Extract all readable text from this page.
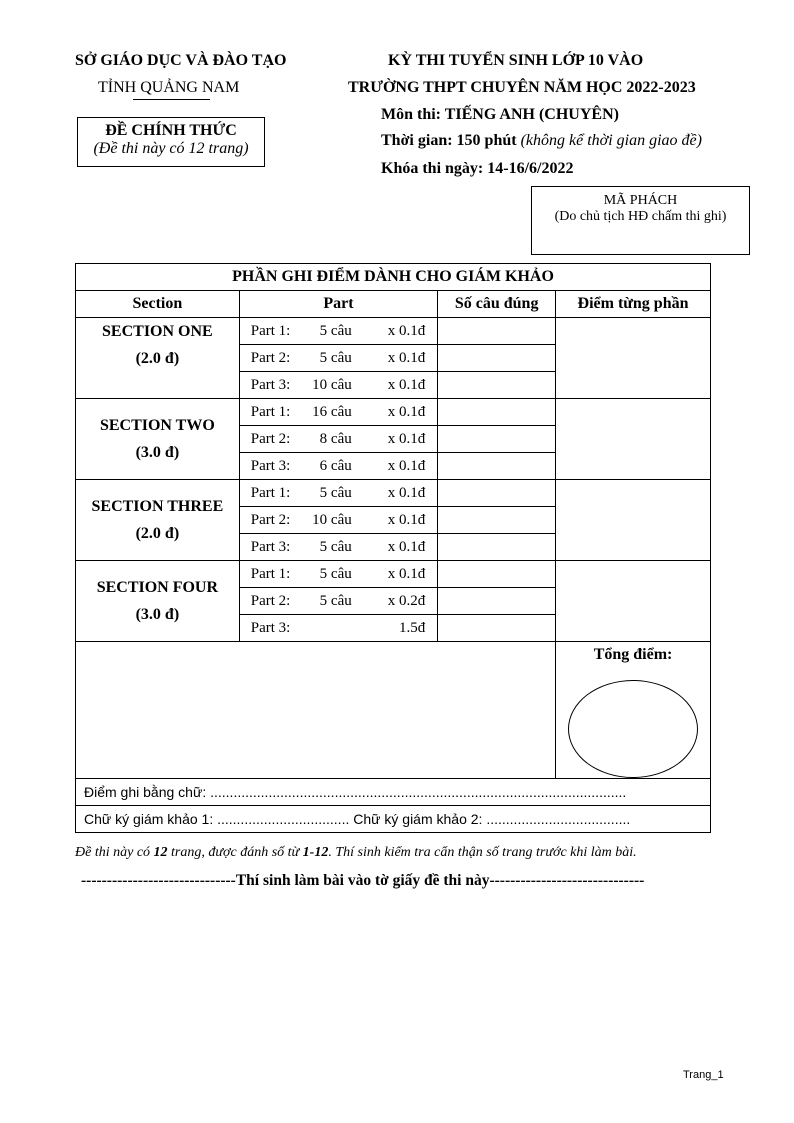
SỞ GIÁO DỤC VÀ ĐÀO TẠO
TỈNH QUẢNG NAM
ĐỀ CHÍNH THỨC
(Đề thi này có 12 trang)
KỲ THI TUYỂN SINH LỚP 10 VÀO
TRƯỜNG THPT CHUYÊN NĂM HỌC 2022-2023
Môn thi: TIẾNG ANH (CHUYÊN)
Thời gian: 150 phút (không kể thời gian giao đề)
Khóa thi ngày: 14-16/6/2022
MÃ PHÁCH
(Do chủ tịch HĐ chấm thi ghi)
PHẦN GHI ĐIỂM DÀNH CHO GIÁM KHẢO			
Section	Part	Số câu đúng	Điểm từng phần

SECTION ONE
(2.0 đ)	Part 1: 5 câu x 0.1đ		

	Part 2: 5 câu x 0.1đ		

	Part 3: 10 câu x 0.1đ		

SECTION TWO
(3.0 đ)	Part 1: 16 câu x 0.1đ		

	Part 2: 8 câu x 0.1đ		

	Part 3: 6 câu x 0.1đ		

SECTION THREE
(2.0 đ)	Part 1: 5 câu x 0.1đ		

	Part 2: 10 câu x 0.1đ		

	Part 3: 5 câu x 0.1đ		

SECTION FOUR
(3.0 đ)	Part 1: 5 câu x 0.1đ		

	Part 2: 5 câu x 0.2đ		

	Part 3: 1.5đ		

			Tổng điểm:

Điểm ghi bằng chữ: ...........................................................................................................			
Chữ ký giám khảo 1: .................................. Chữ ký giám khảo 2: .....................................			
Đề thi này có 12 trang, được đánh số từ 1-12. Thí sinh kiểm tra cẩn thận số trang trước khi làm bài.
------------------------------Thí sinh làm bài vào tờ giấy đề thi này------------------------------
Trang_1
